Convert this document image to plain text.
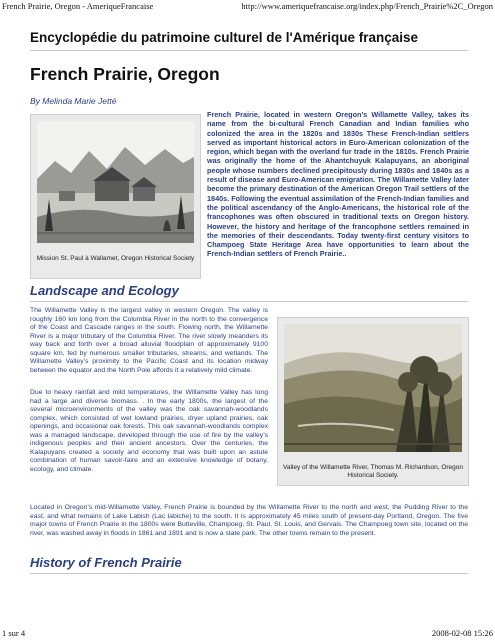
French Prairie, Oregon - AmeriqueFrancaise	http://www.ameriquefrancaise.org/index.php/French_Prairie%2C_Oregon
Encyclopédie du patrimoine culturel de l'Amérique française
French Prairie, Oregon
By Melinda Marie Jetté
Mission St. Paul à Wallamet, Oregon Historical Society

French Prairie, located in western Oregon’s Willamette Valley, takes its name from the bi-cultural French Canadian and Indian families who colonized the area in the 1820s and 1830s These French-Indian settlers served as important historical actors in Euro-American colonization of the region, which began with the overland fur trade in the 1810s. French Prairie was originally the home of the Ahantchuyuk Kalapuyans, an aboriginal people whose numbers declined precipitously during 1830s and 1840s as a result of disease and Euro-American emigration. The Willamette Valley later become the primary destination of the American Oregon Trail settlers of the 1840s. Following the eventual assimilation of the French-Indian families and the political ascendancy of the Anglo-Americans, the historical role of the francophones was often obscured in traditional texts on Oregon history. However, the history and heritage of the francophone settlers remained in the memories of their descendants. Today twenty-first century visitors to Champoeg State Heritage Area have opportunities to learn about the French-Indian settlers of French Prairie..

Landscape and Ecology

The Willamette Valley is the largest valley in western Oregon. The valley is roughly 160 km long from the Columbia River in the north to the convergence of the Coast and Cascade ranges in the south. Flowing north, the Willamette River is a major tributary of the Columbia River. The river slowly meanders its way back and forth over a broad alluvial floodplain of approximately 9100 square km, fed by numerous smaller tributaries, streams, and wetlands. The Willamette Valley’s proximity to the Pacific Coast and its location midway between the equator and the North Pole affords it a relatively mild climate.

Due to heavy rainfall and mild temperatures, the Willamette Valley has long had a large and diverse biomass. . In the early 1800s, the largest of the several microenvironments of the valley was the oak savannah-woodlands complex, which consisted of wet lowland prairies, dryer upland prairies, oak openings, and occasional oak forests. This oak savannah-woodlands complex was a managed landscape, developed through the use of fire by the valley’s indigenous peoples and their ancient ancestors. Over the centuries, the Kalapuyans created a society and economy that was built upon an astute combination of human savoir-faire and an extensive knowledge of botany, ecology, and climate.	Valley of the Willamette River, Thomas M. Richardson, Oregon Historical Society.

Located in Oregon’s mid-Willamette Valley, French Prairie is bounded by the Willamette River to the north and west, the Pudding River to the east, and what remains of Lake Labish (Lac labiche) to the south. It is approximately 45 miles south of present-day Portland, Oregon. The five major towns of French Prairie in the 1800s were Butteville, Champoeg, St. Paul, St. Louis, and Gervais. The Champoeg town site, located on the river, was washed away in floods in 1861 and 1891 and is now a state park. The other towns remain to the present.

History of French Prairie
1 sur 4	2008-02-08 15:26
